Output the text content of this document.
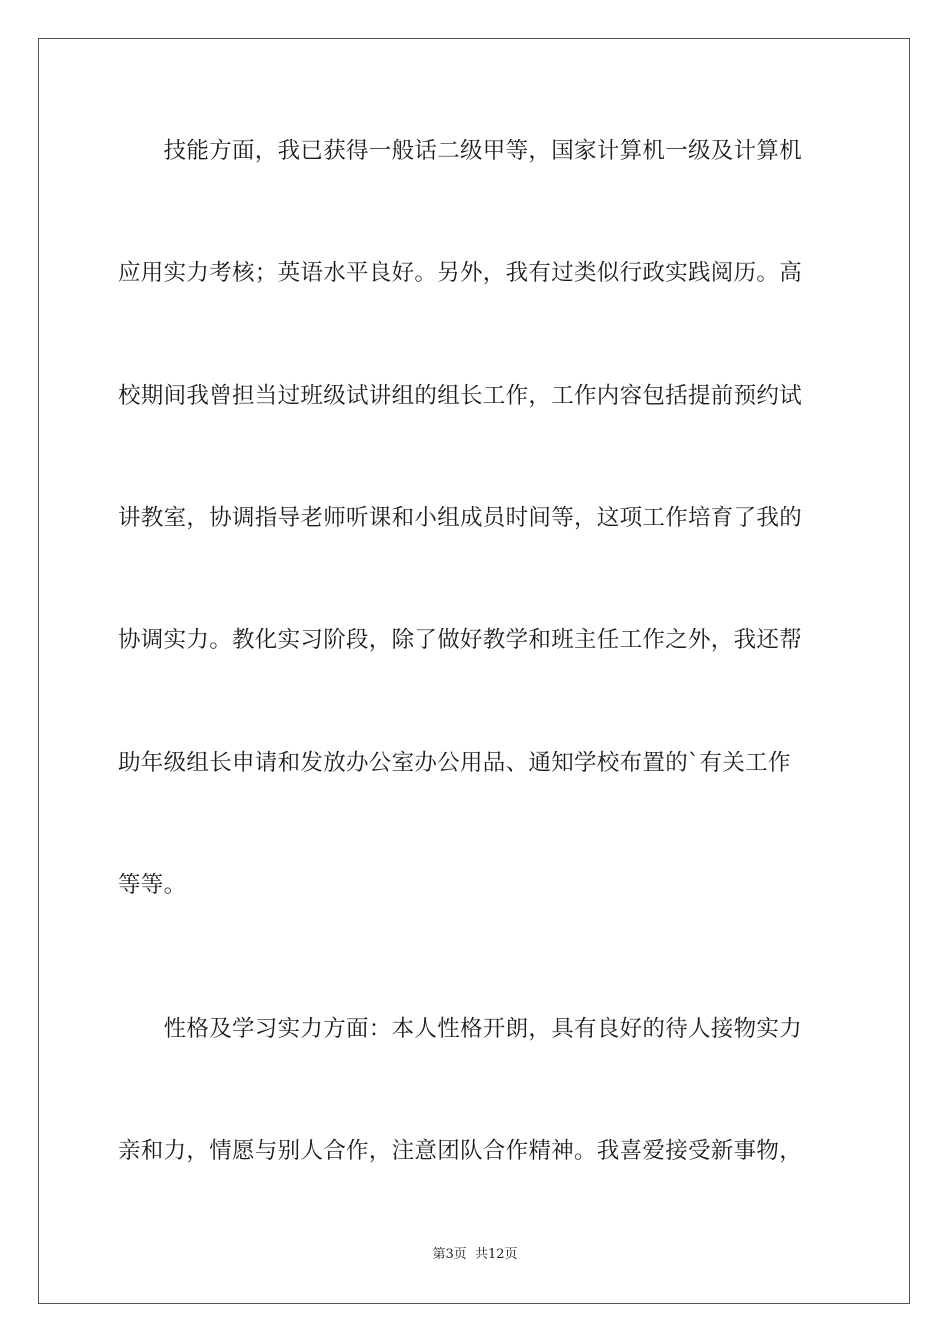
　　技能方面，我已获得一般话二级甲等，国家计算机一级及计算机
应用实力考核；英语水平良好。另外，我有过类似行政实践阅历。高
校期间我曾担当过班级试讲组的组长工作，工作内容包括提前预约试
讲教室，协调指导老师听课和小组成员时间等，这项工作培育了我的
协调实力。教化实习阶段，除了做好教学和班主任工作之外，我还帮
助年级组长申请和发放办公室办公用品、通知学校布置的`有关工作
等等。
　　性格及学习实力方面：本人性格开朗，具有良好的待人接物实力
亲和力，情愿与别人合作，注意团队合作精神。我喜爱接受新事物，
第3页 共12页
